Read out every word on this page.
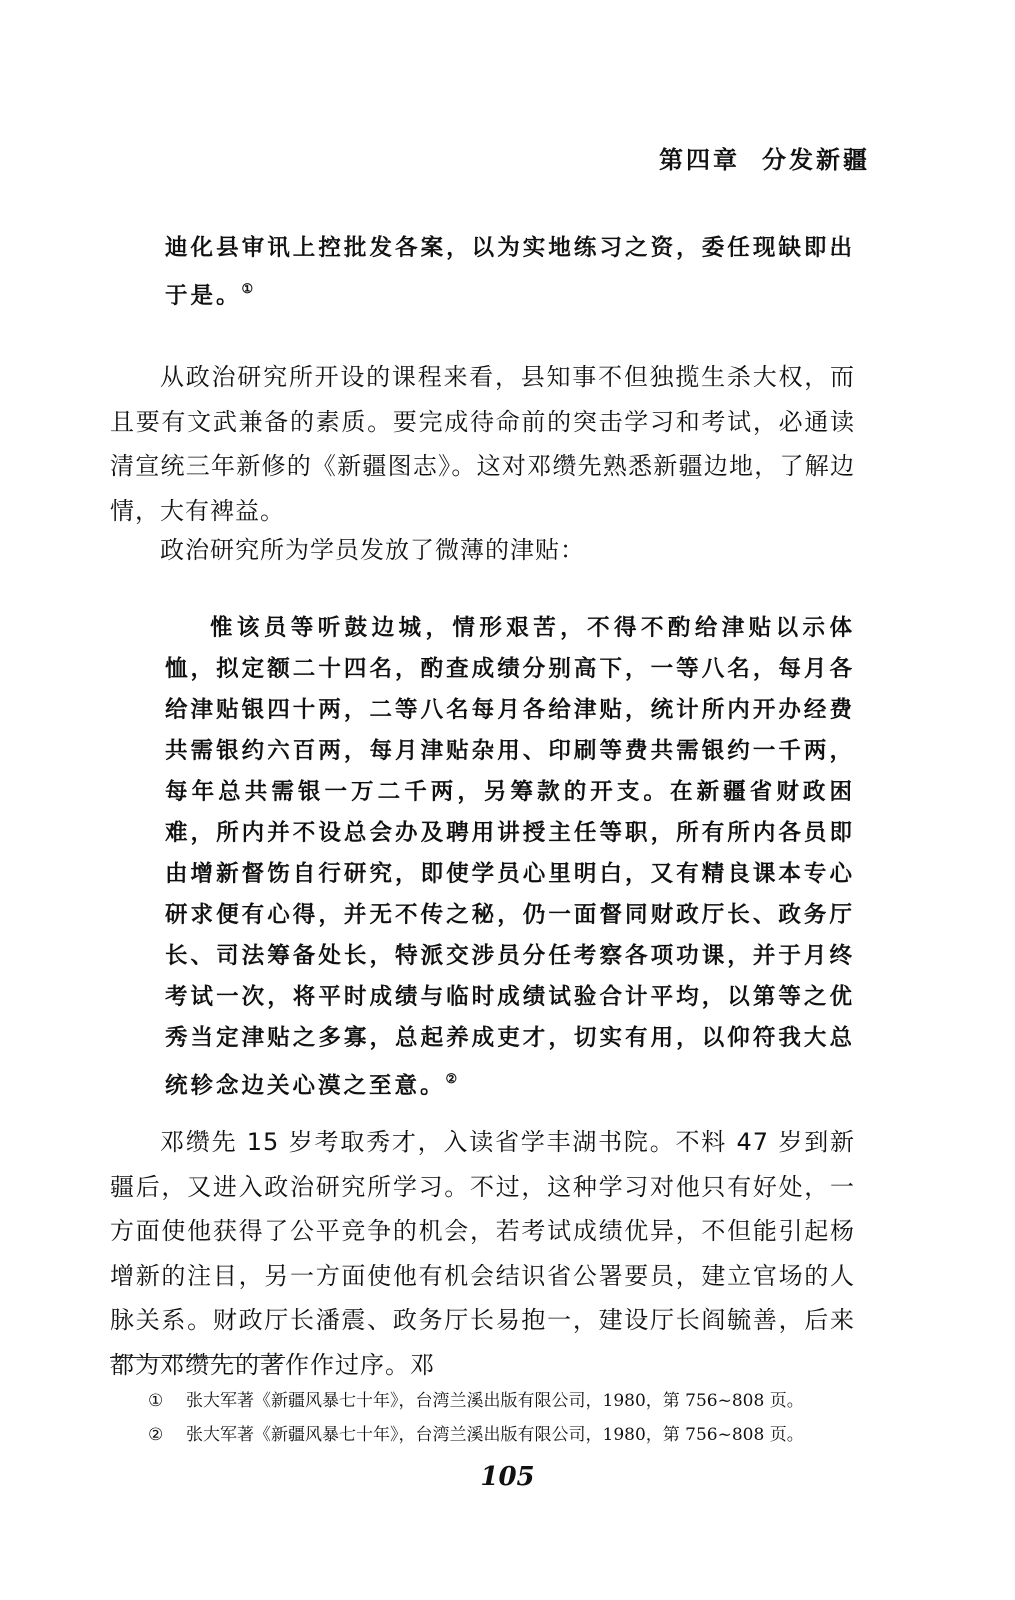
第四章 分发新疆
迪化县审讯上控批发各案，以为实地练习之资，委任现缺即出于是。①
从政治研究所开设的课程来看，县知事不但独揽生杀大权，而且要有文武兼备的素质。要完成待命前的突击学习和考试，必通读清宣统三年新修的《新疆图志》。这对邓缵先熟悉新疆边地，了解边情，大有裨益。
政治研究所为学员发放了微薄的津贴：
惟该员等听鼓边城，情形艰苦，不得不酌给津贴以示体恤，拟定额二十四名，酌查成绩分别高下，一等八名，每月各给津贴银四十两，二等八名每月各给津贴，统计所内开办经费共需银约六百两，每月津贴杂用、印刷等费共需银约一千两，每年总共需银一万二千两，另筹款的开支。在新疆省财政困难，所内并不设总会办及聘用讲授主任等职，所有所内各员即由增新督饬自行研究，即使学员心里明白，又有精良课本专心研求便有心得，并无不传之秘，仍一面督同财政厅长、政务厅长、司法筹备处长，特派交涉员分任考察各项功课，并于月终考试一次，将平时成绩与临时成绩试验合计平均，以第等之优秀当定津贴之多寡，总起养成吏才，切实有用，以仰符我大总统轸念边关心漠之至意。②
邓缵先 15 岁考取秀才，入读省学丰湖书院。不料 47 岁到新疆后，又进入政治研究所学习。不过，这种学习对他只有好处，一方面使他获得了公平竞争的机会，若考试成绩优异，不但能引起杨增新的注目，另一方面使他有机会结识省公署要员，建立官场的人脉关系。财政厅长潘震、政务厅长易抱一，建设厅长阎毓善，后来都为邓缵先的著作作过序。邓
① 张大军著《新疆风暴七十年》，台湾兰溪出版有限公司，1980，第 756~808 页。
② 张大军著《新疆风暴七十年》，台湾兰溪出版有限公司，1980，第 756~808 页。
105
